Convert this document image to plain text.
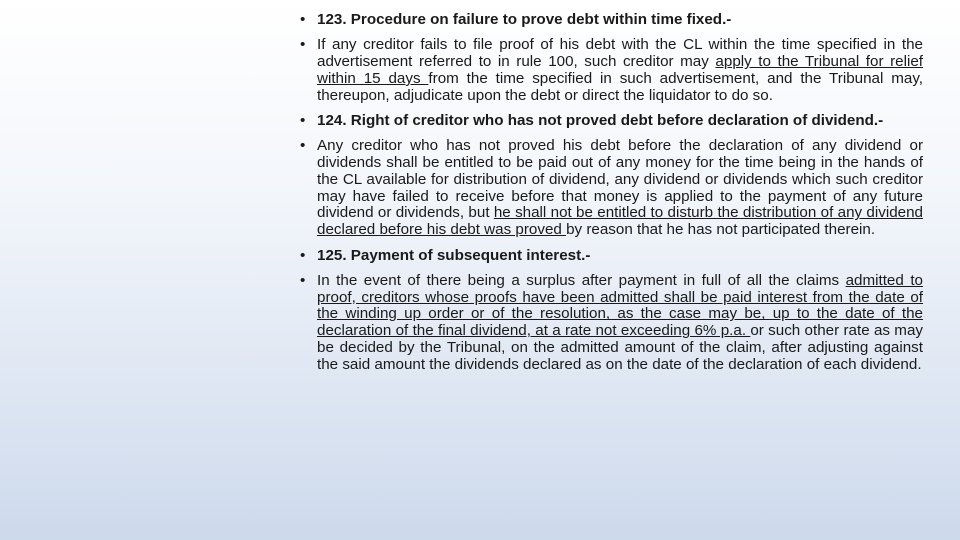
• 123. Procedure on failure to prove debt within time fixed.-
• If any creditor fails to file proof of his debt with the CL within the time specified in the advertisement referred to in rule 100, such creditor may apply to the Tribunal for relief within 15 days from the time specified in such advertisement, and the Tribunal may, thereupon, adjudicate upon the debt or direct the liquidator to do so.
• 124. Right of creditor who has not proved debt before declaration of dividend.-
• Any creditor who has not proved his debt before the declaration of any dividend or dividends shall be entitled to be paid out of any money for the time being in the hands of the CL available for distribution of dividend, any dividend or dividends which such creditor may have failed to receive before that money is applied to the payment of any future dividend or dividends, but he shall not be entitled to disturb the distribution of any dividend declared before his debt was proved by reason that he has not participated therein.
• 125. Payment of subsequent interest.-
• In the event of there being a surplus after payment in full of all the claims admitted to proof, creditors whose proofs have been admitted shall be paid interest from the date of the winding up order or of the resolution, as the case may be, up to the date of the declaration of the final dividend, at a rate not exceeding 6% p.a. or such other rate as may be decided by the Tribunal, on the admitted amount of the claim, after adjusting against the said amount the dividends declared as on the date of the declaration of each dividend.
